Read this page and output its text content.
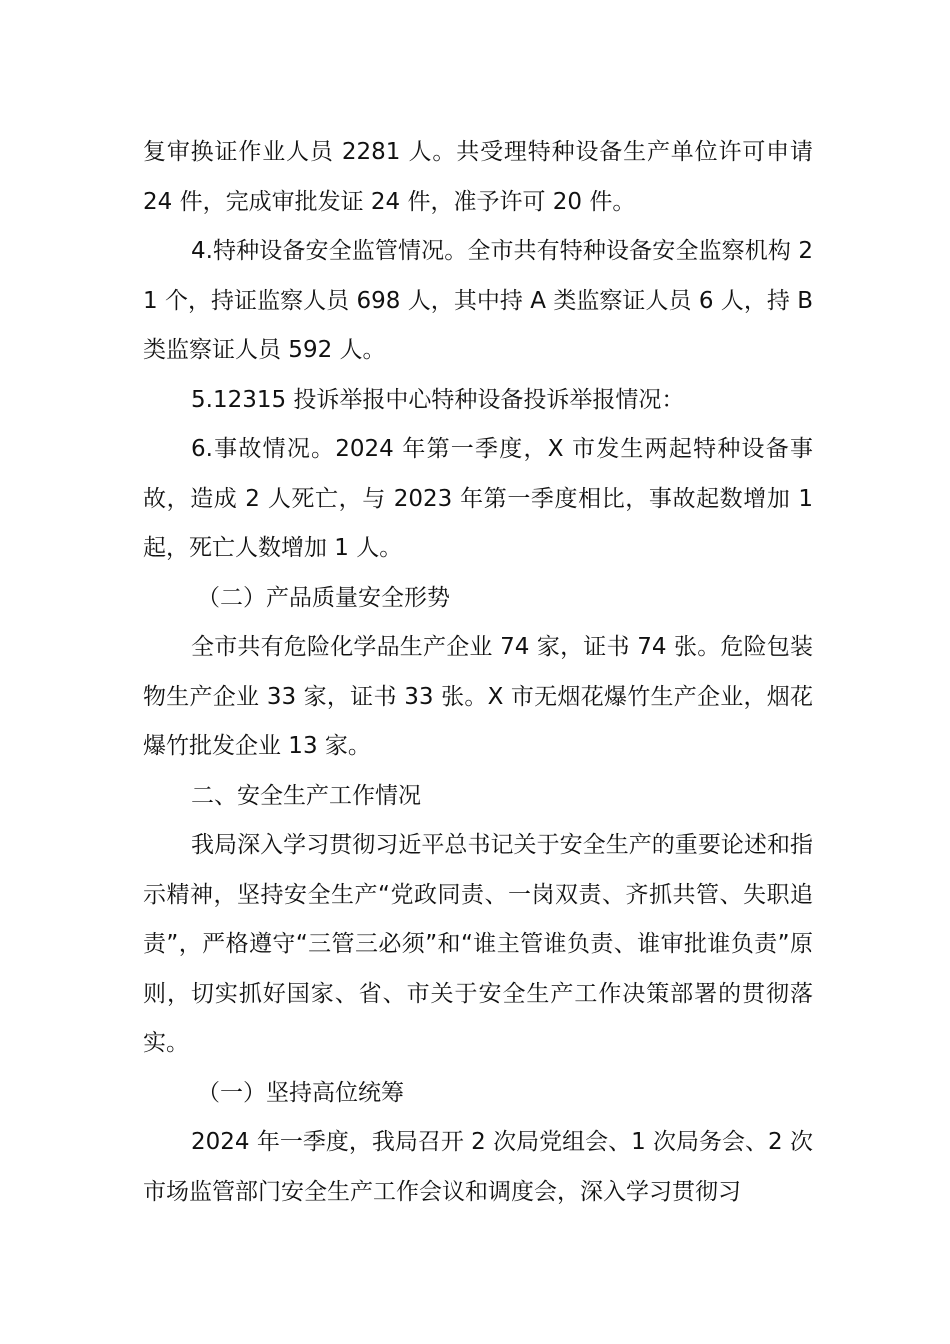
复审换证作业人员 2281 人。共受理特种设备生产单位许可申请 24 件，完成审批发证 24 件，准予许可 20 件。

4.特种设备安全监管情况。全市共有特种设备安全监察机构 21 个，持证监察人员 698 人，其中持 A 类监察证人员 6 人，持 B 类监察证人员 592 人。

5.12315 投诉举报中心特种设备投诉举报情况：

6.事故情况。2024 年第一季度，X 市发生两起特种设备事故，造成 2 人死亡，与 2023 年第一季度相比，事故起数增加 1 起，死亡人数增加 1 人。

（二）产品质量安全形势

全市共有危险化学品生产企业 74 家，证书 74 张。危险包装物生产企业 33 家，证书 33 张。X 市无烟花爆竹生产企业，烟花爆竹批发企业 13 家。

二、安全生产工作情况

我局深入学习贯彻习近平总书记关于安全生产的重要论述和指示精神，坚持安全生产“党政同责、一岗双责、齐抓共管、失职追责”，严格遵守“三管三必须”和“谁主管谁负责、谁审批谁负责”原则，切实抓好国家、省、市关于安全生产工作决策部署的贯彻落实。

（一）坚持高位统筹

2024 年一季度，我局召开 2 次局党组会、1 次局务会、2 次市场监管部门安全生产工作会议和调度会，深入学习贯彻习
